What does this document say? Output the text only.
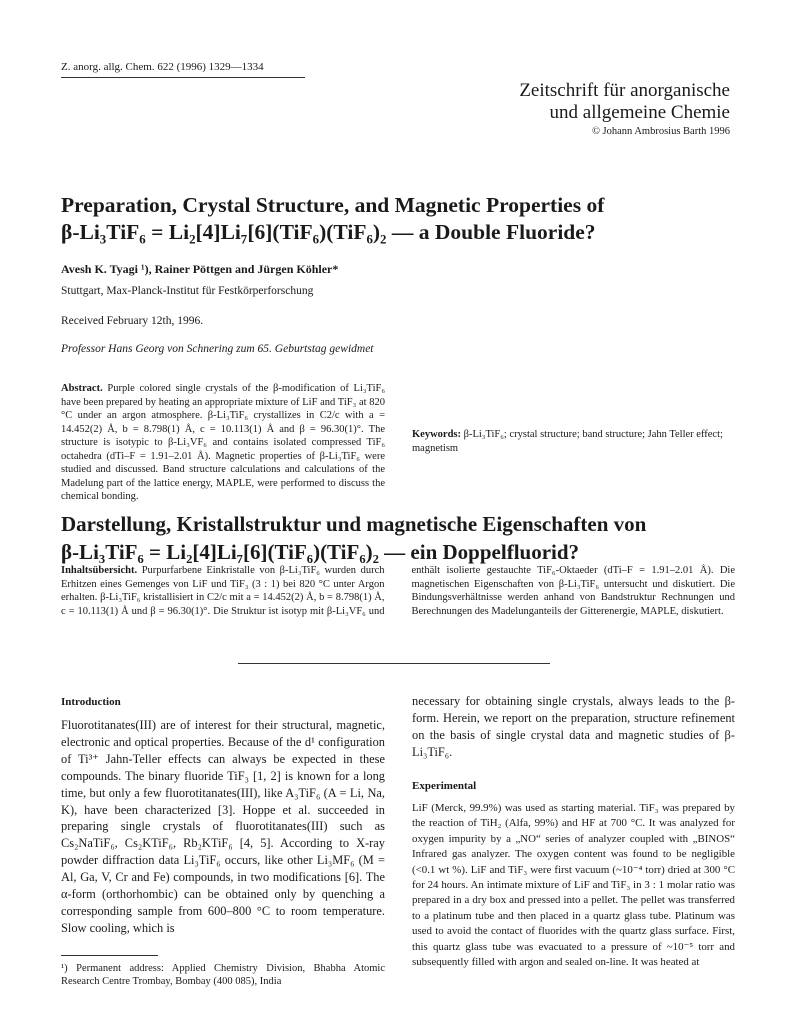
Z. anorg. allg. Chem. 622 (1996) 1329—1334
Zeitschrift für anorganische
und allgemeine Chemie
© Johann Ambrosius Barth 1996
Preparation, Crystal Structure, and Magnetic Properties of
β-Li₃TiF₆ = Li₂[4]Li₇[6](TiF₆)(TiF₆)₂ — a Double Fluoride?
Avesh K. Tyagi ¹), Rainer Pöttgen and Jürgen Köhler*
Stuttgart, Max-Planck-Institut für Festkörperforschung
Received February 12th, 1996.
Professor Hans Georg von Schnering zum 65. Geburtstag gewidmet
Abstract. Purple colored single crystals of the β-modification of Li₃TiF₆ have been prepared by heating an appropriate mixture of LiF and TiF₃ at 820 °C under an argon atmosphere. β-Li₃TiF₆ crystallizes in C2/c with a = 14.452(2) Å, b = 8.798(1) Å, c = 10.113(1) Å and β = 96.30(1)°. The structure is isotypic to β-Li₃VF₆ and contains isolated compressed TiF₆ octahedra (dTi–F = 1.91–2.01 Å). Magnetic properties of β-Li₃TiF₆ were studied and discussed. Band structure calculations and calculations of the Madelung part of the lattice energy, MAPLE, were performed to discuss the chemical bonding.
Keywords: β-Li₃TiF₆; crystal structure; band structure; Jahn Teller effect; magnetism
Darstellung, Kristallstruktur und magnetische Eigenschaften von
β-Li₃TiF₆ = Li₂[4]Li₇[6](TiF₆)(TiF₆)₂ — ein Doppelfluorid?
Inhaltsübersicht. Purpurfarbene Einkristalle von β-Li₃TiF₆ wurden durch Erhitzen eines Gemenges von LiF und TiF₃ (3 : 1) bei 820 °C unter Argon erhalten. β-Li₃TiF₆ kristallisiert in C2/c mit a = 14.452(2) Å, b = 8.798(1) Å, c = 10.113(1) Å und β = 96.30(1)°. Die Struktur ist isotyp mit β-Li₃VF₆ und enthält isolierte gestauchte TiF₆-Oktaeder (dTi–F = 1.91–2.01 Å). Die magnetischen Eigenschaften von β-Li₃TiF₆ untersucht und diskutiert. Die Bindungsverhältnisse werden anhand von Bandstruktur Rechnungen und Berechnungen des Madelunganteils der Gitterenergie, MAPLE, diskutiert.
Introduction
Fluorotitanates(III) are of interest for their structural, magnetic, electronic and optical properties. Because of the d¹ configuration of Ti³⁺ Jahn-Teller effects can always be expected in these compounds. The binary fluoride TiF₃ [1, 2] is known for a long time, but only a few fluorotitanates(III), like A₃TiF₆ (A = Li, Na, K), have been characterized [3]. Hoppe et al. succeeded in preparing single crystals of fluorotitanates(III) such as Cs₂NaTiF₆, Cs₂KTiF₆, Rb₂KTiF₆ [4, 5]. According to X-ray powder diffraction data Li₃TiF₆ occurs, like other Li₃MF₆ (M = Al, Ga, V, Cr and Fe) compounds, in two modifications [6]. The α-form (orthorhombic) can be obtained only by quenching a corresponding sample from 600–800 °C to room temperature. Slow cooling, which is
¹) Permanent address: Applied Chemistry Division, Bhabha Atomic Research Centre Trombay, Bombay (400 085), India
necessary for obtaining single crystals, always leads to the β-form. Herein, we report on the preparation, structure refinement on the basis of single crystal data and magnetic studies of β-Li₃TiF₆.
Experimental
LiF (Merck, 99.9%) was used as starting material. TiF₃ was prepared by the reaction of TiH₂ (Alfa, 99%) and HF at 700 °C. It was analyzed for oxygen impurity by a „NO“ series of analyzer coupled with „BINOS“ Infrared gas analyzer. The oxygen content was found to be negligible (<0.1 wt %). LiF and TiF₃ were first vacuum (~10⁻⁴ torr) dried at 300 °C for 24 hours. An intimate mixture of LiF and TiF₃ in 3 : 1 molar ratio was prepared in a dry box and pressed into a pellet. The pellet was transferred to a platinum tube and then placed in a quartz glass tube. Platinum was used to avoid the contact of fluorides with the quartz glass surface. First, this quartz glass tube was evacuated to a pressure of ~10⁻⁵ torr and subsequently filled with argon and sealed on-line. It was heated at
